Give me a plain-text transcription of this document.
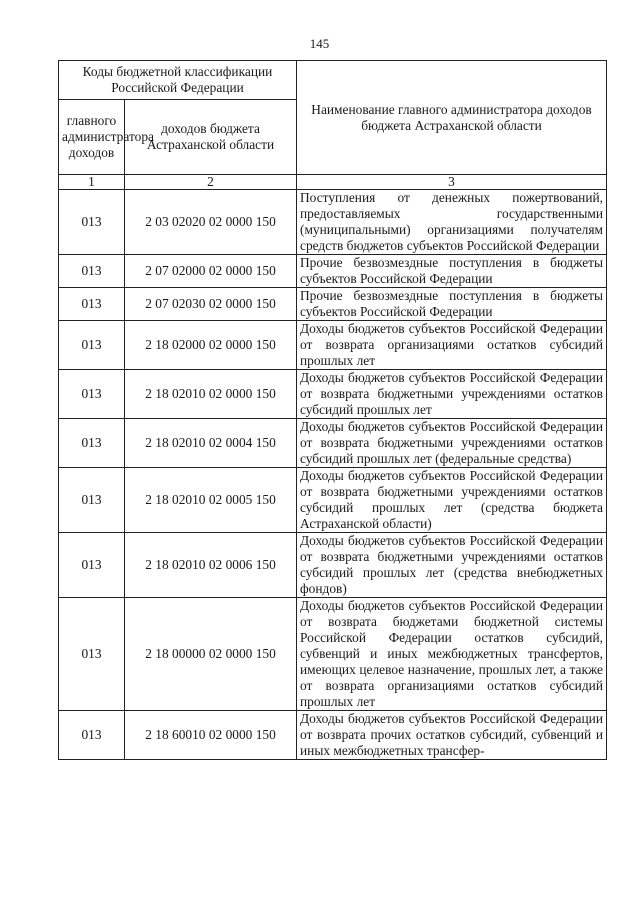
145
Коды бюджетной классификации Российской Федерации		Наименование главного администратора доходов бюджета Астраханской области
главного администратора доходов	доходов бюджета Астраханской области	
1	2	3
013	2 03 02020 02 0000 150	Поступления от денежных пожертвований, предоставляемых государственными (муниципальными) организациями получателям средств бюджетов субъектов Российской Федерации
013	2 07 02000 02 0000 150	Прочие безвозмездные поступления в бюджеты субъектов Российской Федерации
013	2 07 02030 02 0000 150	Прочие безвозмездные поступления в бюджеты субъектов Российской Федерации
013	2 18 02000 02 0000 150	Доходы бюджетов субъектов Российской Федерации от возврата организациями остатков субсидий прошлых лет
013	2 18 02010 02 0000 150	Доходы бюджетов субъектов Российской Федерации от возврата бюджетными учреждениями остатков субсидий прошлых лет
013	2 18 02010 02 0004 150	Доходы бюджетов субъектов Российской Федерации от возврата бюджетными учреждениями остатков субсидий прошлых лет (федеральные средства)
013	2 18 02010 02 0005 150	Доходы бюджетов субъектов Российской Федерации от возврата бюджетными учреждениями остатков субсидий прошлых лет (средства бюджета Астраханской области)
013	2 18 02010 02 0006 150	Доходы бюджетов субъектов Российской Федерации от возврата бюджетными учреждениями остатков субсидий прошлых лет (средства внебюджетных фондов)
013	2 18 00000 02 0000 150	Доходы бюджетов субъектов Российской Федерации от возврата бюджетами бюджетной системы Российской Федерации остатков субсидий, субвенций и иных межбюджетных трансфертов, имеющих целевое назначение, прошлых лет, а также от возврата организациями остатков субсидий прошлых лет
013	2 18 60010 02 0000 150	Доходы бюджетов субъектов Российской Федерации от возврата прочих остатков субсидий, субвенций и иных межбюджетных трансфер-
